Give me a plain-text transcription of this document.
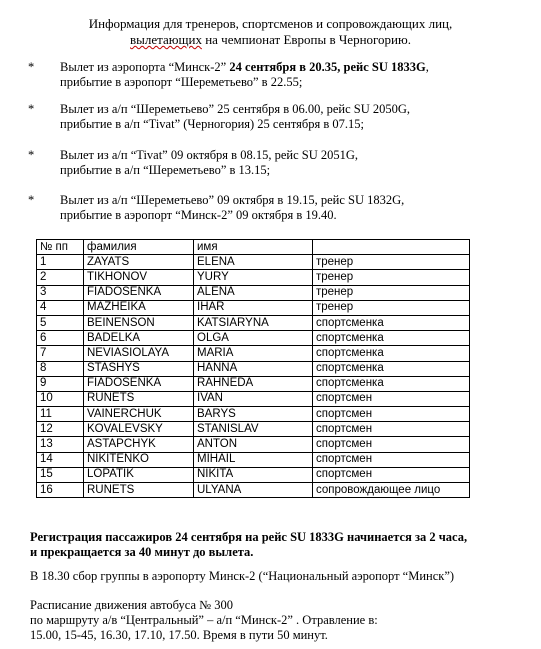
Информация для тренеров, спортсменов и сопровождающих лиц,
вылетающих на чемпионат Европы в Черногорию.
* Вылет из аэропорта “Минск-2” 24 сентября в 20.35, рейс SU 1833G,
прибытие в аэропорт “Шереметьево” в 22.55;
* Вылет из а/п “Шереметьево” 25 сентября в 06.00, рейс SU 2050G,
прибытие в а/п “Tivat” (Черногория) 25 сентября в 07.15;
* Вылет из а/п “Tivat” 09 октября в 08.15, рейс SU 2051G,
прибытие в а/п “Шереметьево” в 13.15;
* Вылет из а/п “Шереметьево” 09 октября в 19.15, рейс SU 1832G,
прибытие в аэропорт “Минск-2” 09 октября в 19.40.
№ пп	фамилия	имя	
1	ZAYATS	ELENA	тренер
2	TIKHONOV	YURY	тренер
3	FIADOSENKA	ALENA	тренер
4	MAZHEIKA	IHAR	тренер
5	BEINENSON	KATSIARYNA	спортсменка
6	BADELKA	OLGA	спортсменка
7	NEVIASIOLAYA	MARIA	спортсменка
8	STASHYS	HANNA	спортсменка
9	FIADOSENKA	RAHNEDA	спортсменка
10	RUNETS	IVAN	спортсмен
11	VAINERCHUK	BARYS	спортсмен
12	KOVALEVSKY	STANISLAV	спортсмен
13	ASTAPCHYK	ANTON	спортсмен
14	NIKITENKO	MIHAIL	спортсмен
15	LOPATIK	NIKITA	спортсмен
16	RUNETS	ULYANA	сопровождающее лицо
Регистрация пассажиров 24 сентября на рейс SU 1833G начинается за 2 часа,
и прекращается за 40 минут до вылета.
В 18.30 сбор группы в аэропорту Минск-2 (“Национальный аэропорт “Минск”)
Расписание движения автобуса № 300
по маршруту а/в “Центральный” – а/п “Минск-2” . Отравление в:
15.00, 15-45, 16.30, 17.10, 17.50. Время в пути 50 минут.
